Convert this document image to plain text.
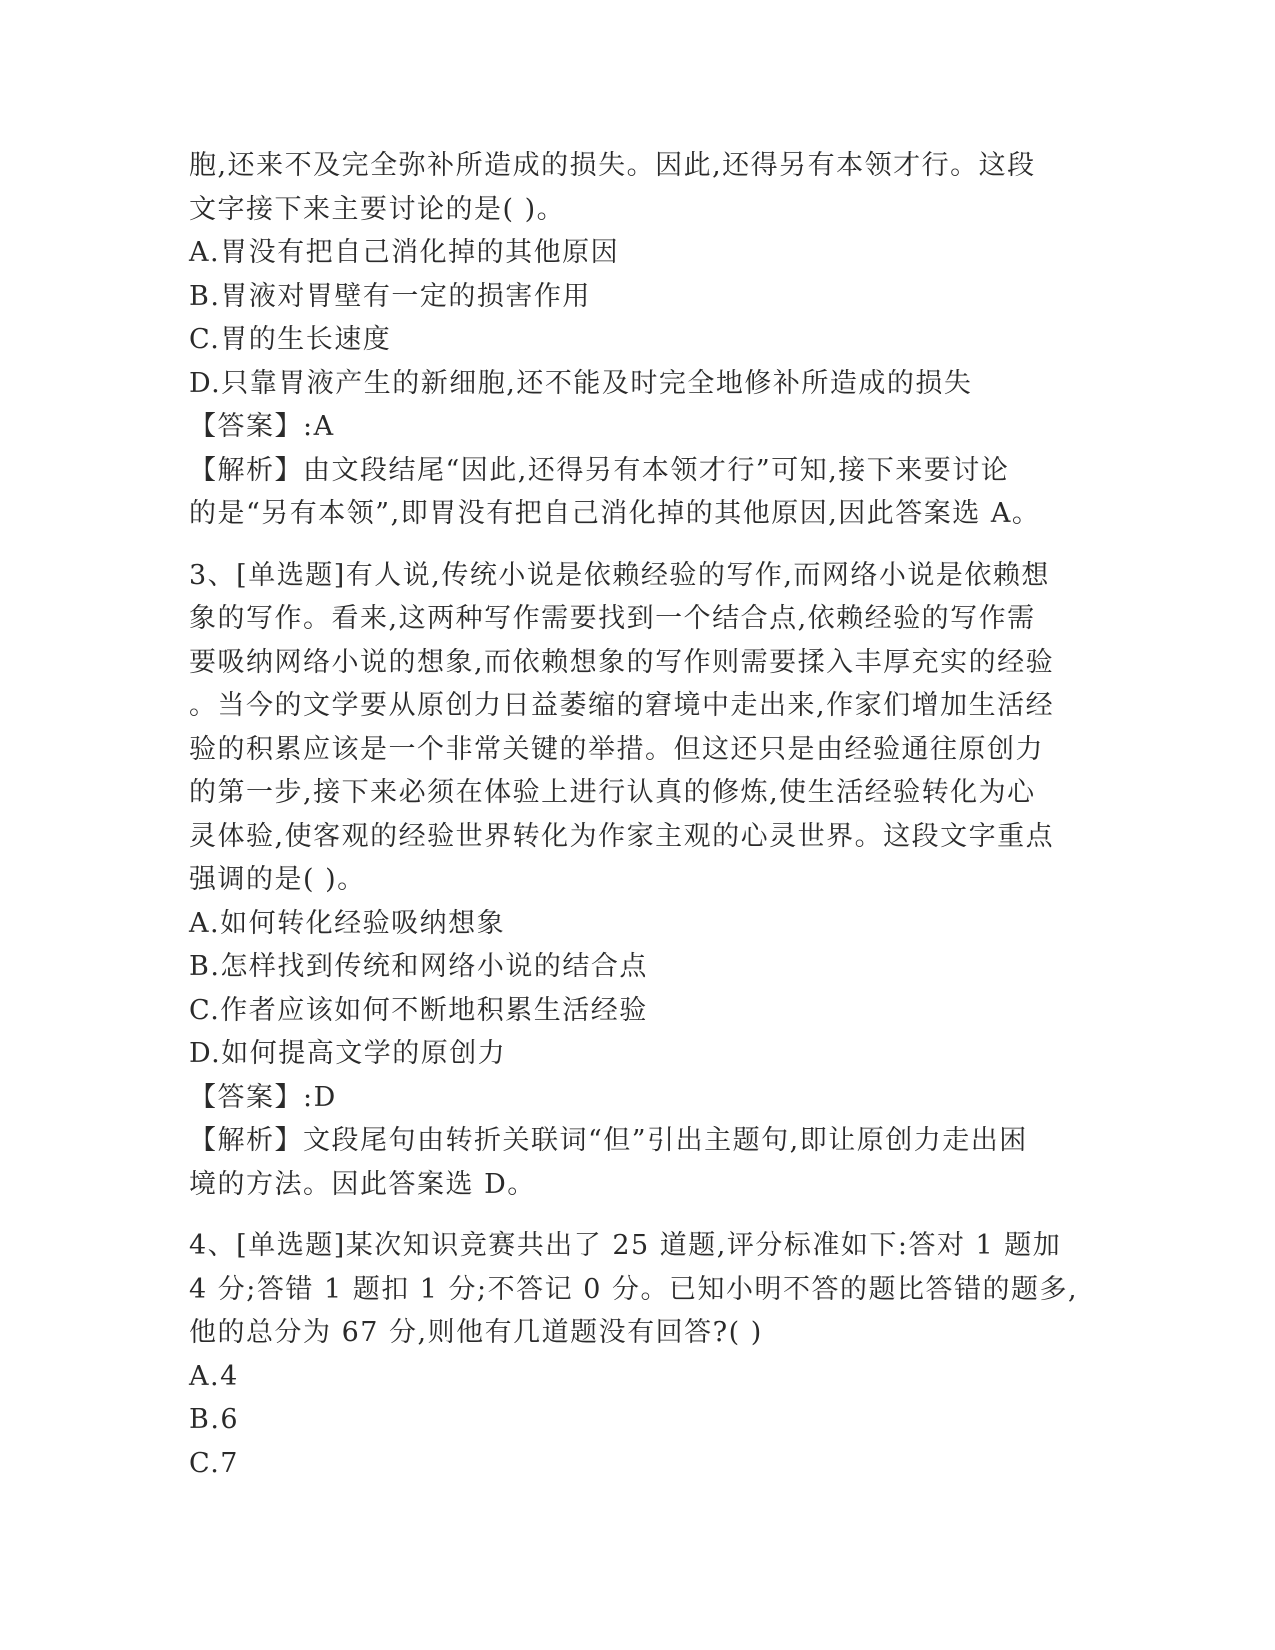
胞,还来不及完全弥补所造成的损失。因此,还得另有本领才行。这段

文字接下来主要讨论的是( )。

A.胃没有把自己消化掉的其他原因

B.胃液对胃壁有一定的损害作用

C.胃的生长速度

D.只靠胃液产生的新细胞,还不能及时完全地修补所造成的损失

【答案】:A

【解析】由文段结尾“因此,还得另有本领才行”可知,接下来要讨论

的是“另有本领”,即胃没有把自己消化掉的其他原因,因此答案选 A。

3、[单选题]有人说,传统小说是依赖经验的写作,而网络小说是依赖想

象的写作。看来,这两种写作需要找到一个结合点,依赖经验的写作需

要吸纳网络小说的想象,而依赖想象的写作则需要揉入丰厚充实的经验

。当今的文学要从原创力日益萎缩的窘境中走出来,作家们增加生活经

验的积累应该是一个非常关键的举措。但这还只是由经验通往原创力

的第一步,接下来必须在体验上进行认真的修炼,使生活经验转化为心

灵体验,使客观的经验世界转化为作家主观的心灵世界。这段文字重点

强调的是( )。

A.如何转化经验吸纳想象

B.怎样找到传统和网络小说的结合点

C.作者应该如何不断地积累生活经验

D.如何提高文学的原创力

【答案】:D

【解析】文段尾句由转折关联词“但”引出主题句,即让原创力走出困

境的方法。因此答案选 D。

4、[单选题]某次知识竞赛共出了 25 道题,评分标准如下:答对 1 题加

4 分;答错 1 题扣 1 分;不答记 0 分。已知小明不答的题比答错的题多,

他的总分为 67 分,则他有几道题没有回答?( )

A.4

B.6

C.7
